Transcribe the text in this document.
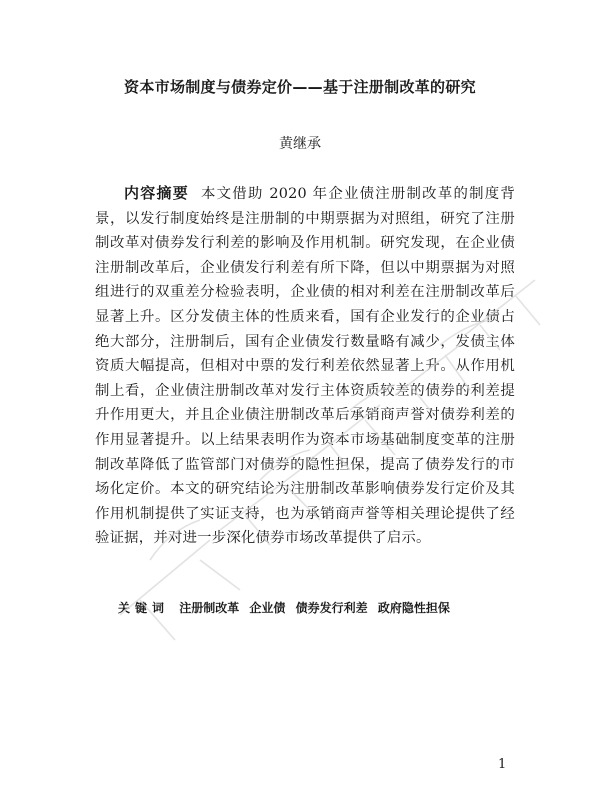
资本市场制度与债券定价——基于注册制改革的研究
黄继承

内容摘要 本文借助 2020 年企业债注册制改革的制度背景，以发行制度始终是注册制的中期票据为对照组，研究了注册制改革对债券发行利差的影响及作用机制。研究发现，在企业债注册制改革后，企业债发行利差有所下降，但以中期票据为对照组进行的双重差分检验表明，企业债的相对利差在注册制改革后显著上升。区分发债主体的性质来看，国有企业发行的企业债占绝大部分，注册制后，国有企业债发行数量略有减少，发债主体资质大幅提高，但相对中票的发行利差依然显著上升。从作用机制上看，企业债注册制改革对发行主体资质较差的债券的利差提升作用更大，并且企业债注册制改革后承销商声誉对债券利差的作用显著提升。以上结果表明作为资本市场基础制度变革的注册制改革降低了监管部门对债券的隐性担保，提高了债券发行的市场化定价。本文的研究结论为注册制改革影响债券发行定价及其作用机制提供了实证支持，也为承销商声誉等相关理论提供了经验证据，并对进一步深化债券市场改革提供了启示。

关键词 注册制改革 企业债 债券发行利差 政府隐性担保
1
